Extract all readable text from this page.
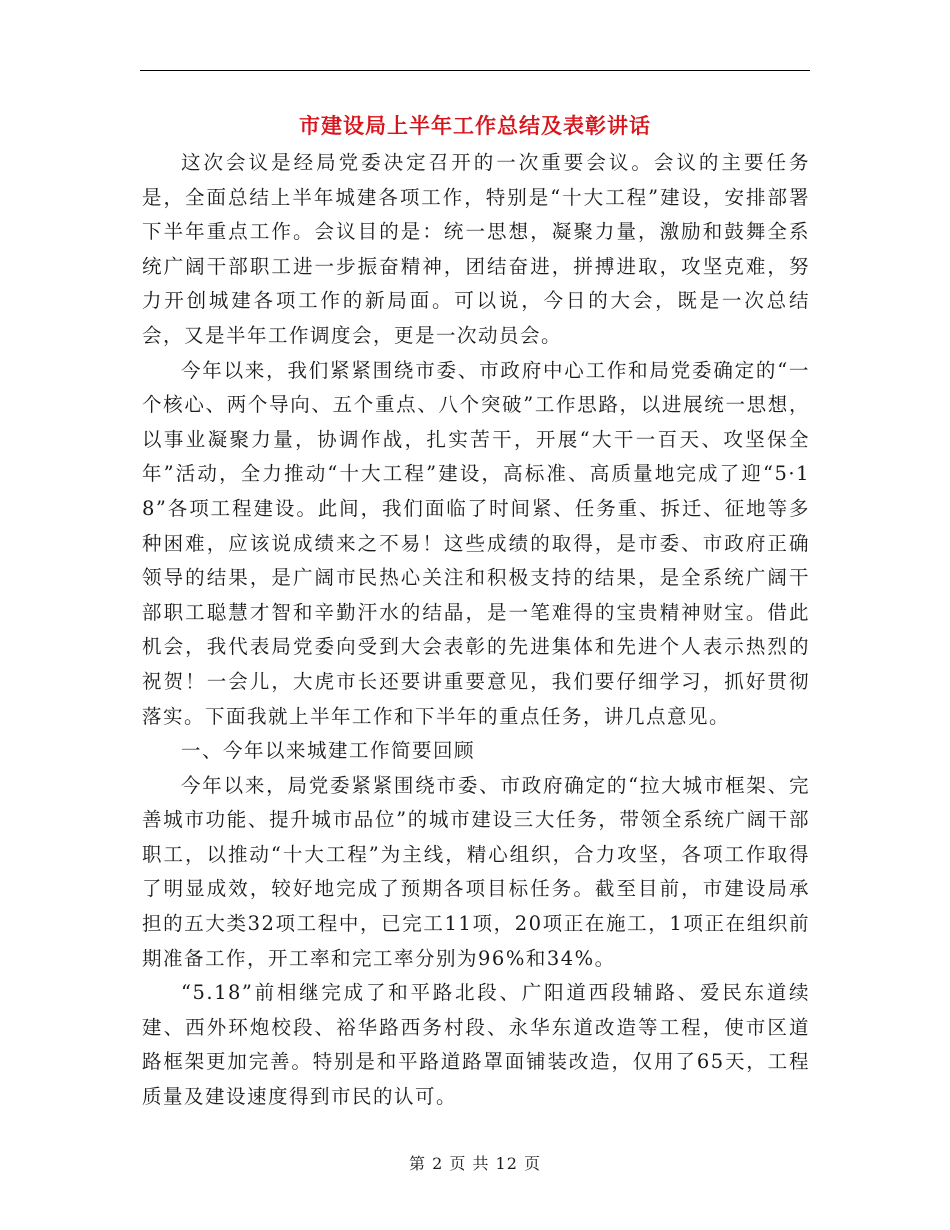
市建设局上半年工作总结及表彰讲话

这次会议是经局党委决定召开的一次重要会议。会议的主要任务是，全面总结上半年城建各项工作，特别是“十大工程”建设，安排部署下半年重点工作。会议目的是：统一思想，凝聚力量，激励和鼓舞全系统广阔干部职工进一步振奋精神，团结奋进，拼搏进取，攻坚克难，努力开创城建各项工作的新局面。可以说，今日的大会，既是一次总结会，又是半年工作调度会，更是一次动员会。

今年以来，我们紧紧围绕市委、市政府中心工作和局党委确定的“一个核心、两个导向、五个重点、八个突破”工作思路，以进展统一思想，以事业凝聚力量，协调作战，扎实苦干，开展“大干一百天、攻坚保全年”活动，全力推动“十大工程”建设，高标准、高质量地完成了迎“5·18”各项工程建设。此间，我们面临了时间紧、任务重、拆迁、征地等多种困难，应该说成绩来之不易！这些成绩的取得，是市委、市政府正确领导的结果，是广阔市民热心关注和积极支持的结果，是全系统广阔干部职工聪慧才智和辛勤汗水的结晶，是一笔难得的宝贵精神财宝。借此机会，我代表局党委向受到大会表彰的先进集体和先进个人表示热烈的祝贺！一会儿，大虎市长还要讲重要意见，我们要仔细学习，抓好贯彻落实。下面我就上半年工作和下半年的重点任务，讲几点意见。

一、今年以来城建工作简要回顾

今年以来，局党委紧紧围绕市委、市政府确定的“拉大城市框架、完善城市功能、提升城市品位”的城市建设三大任务，带领全系统广阔干部职工，以推动“十大工程”为主线，精心组织，合力攻坚，各项工作取得了明显成效，较好地完成了预期各项目标任务。截至目前，市建设局承担的五大类32项工程中，已完工11项，20项正在施工，1项正在组织前期准备工作，开工率和完工率分别为96%和34%。

“5.18”前相继完成了和平路北段、广阳道西段辅路、爱民东道续建、西外环炮校段、裕华路西务村段、永华东道改造等工程，使市区道路框架更加完善。特别是和平路道路罩面铺装改造，仅用了65天，工程质量及建设速度得到市民的认可。

第 2 页 共 12 页
